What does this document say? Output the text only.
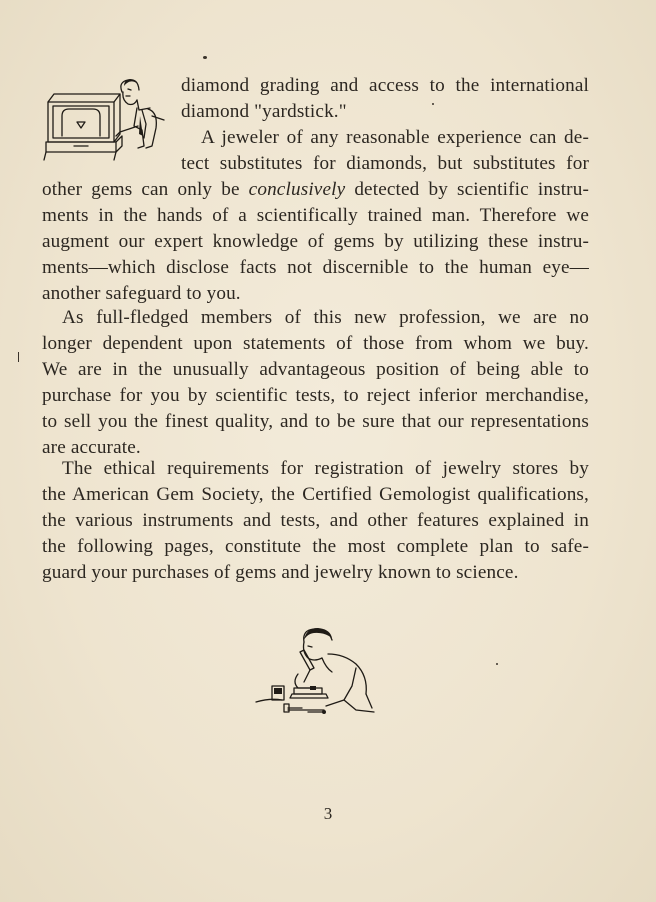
diamond grading and access to the international
diamond "yardstick."
A jeweler of any reasonable experience can de-
tect substitutes for diamonds, but substitutes for
other gems can only be conclusively detected by scientific instru-
ments in the hands of a scientifically trained man. Therefore we
augment our expert knowledge of gems by utilizing these instru-
ments—which disclose facts not discernible to the human eye—
another safeguard to you.
As full-fledged members of this new profession, we are no
longer dependent upon statements of those from whom we buy.
We are in the unusually advantageous position of being able to
purchase for you by scientific tests, to reject inferior merchandise,
to sell you the finest quality, and to be sure that our representations
are accurate.
The ethical requirements for registration of jewelry stores by
the American Gem Society, the Certified Gemologist qualifications,
the various instruments and tests, and other features explained in
the following pages, constitute the most complete plan to safe-
guard your purchases of gems and jewelry known to science.
3
